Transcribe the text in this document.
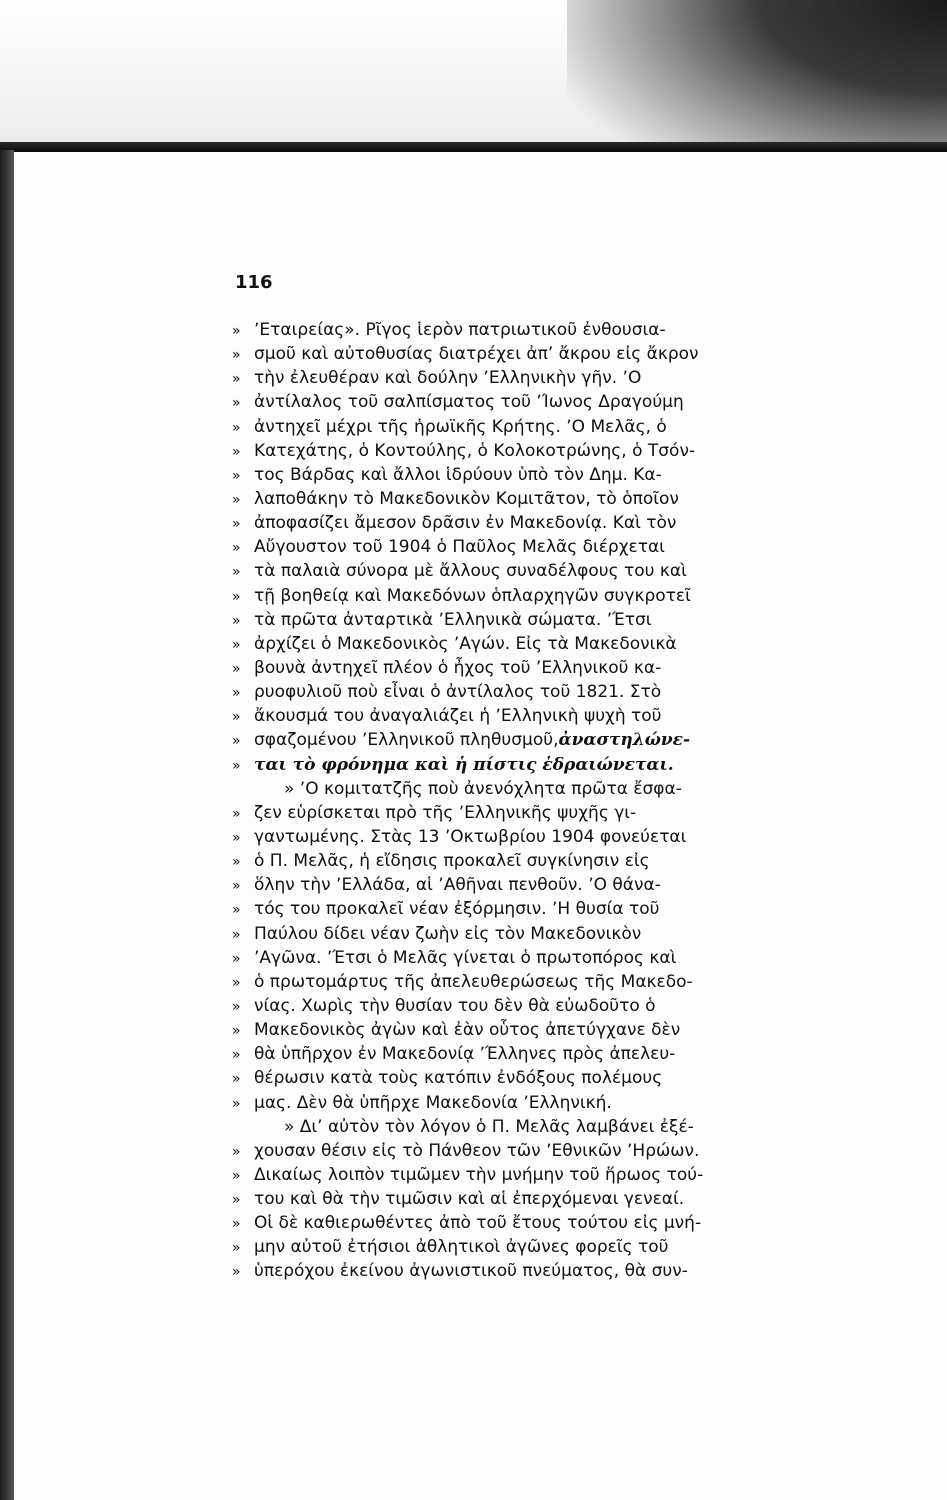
116
» ʼΕταιρείας». Ρῖγος ἱερὸν πατριωτικοῦ ἐνθουσια-
» σμοῦ καὶ αὐτοθυσίας διατρέχει ἀπ’ ἄκρου εἰς ἄκρον
» τὴν ἐλευθέραν καὶ δούλην ʼΕλληνικὴν γῆν. ʼΟ
» ἀντίλαλος τοῦ σαλπίσματος τοῦ ʼΊωνος Δραγούμη
» ἀντηχεῖ μέχρι τῆς ἡρωϊκῆς Κρήτης. ʼΟ Μελᾶς, ὁ
» Κατεχάτης, ὁ Κοντούλης, ὁ Κολοκοτρώνης, ὁ Τσόν-
» τος Βάρδας καὶ ἄλλοι ἱδρύουν ὑπὸ τὸν Δημ. Κα-
» λαποθάκην τὸ Μακεδονικὸν Κομιτᾶτον, τὸ ὁποῖον
» ἀποφασίζει ἄμεσον δρᾶσιν ἐν Μακεδονίᾳ. Καὶ τὸν
» Αὔγουστον τοῦ 1904 ὁ Παῦλος Μελᾶς διέρχεται
» τὰ παλαιὰ σύνορα μὲ ἄλλους συναδέλφους του καὶ
» τῇ βοηθείᾳ καὶ Μακεδόνων ὁπλαρχηγῶν συγκροτεῖ
» τὰ πρῶτα ἀνταρτικὰ ʼΕλληνικὰ σώματα. ʼΈτσι
» ἀρχίζει ὁ Μακεδονικὸς ʼΑγών. Εἰς τὰ Μακεδονικὰ
» βουνὰ ἀντηχεῖ πλέον ὁ ἦχος τοῦ ʼΕλληνικοῦ κα-
» ρυοφυλιοῦ ποὺ εἶναι ὁ ἀντίλαλος τοῦ 1821. Στὸ
» ἄκουσμά του ἀναγαλιάζει ἡ ʼΕλληνικὴ ψυχὴ τοῦ
» σφαζομένου ʼΕλληνικοῦ πληθυσμοῦ, ἀναστηλώνε-
» ται τὸ φρόνημα καὶ ἡ πίστις ἑδραιώνεται.
» ʼΟ κομιτατζῆς ποὺ ἀνενόχλητα πρῶτα ἔσφα-
» ζεν εὑρίσκεται πρὸ τῆς ʼΕλληνικῆς ψυχῆς γι-
» γαντωμένης. Στὰς 13 ʼΟκτωβρίου 1904 φονεύεται
» ὁ Π. Μελᾶς, ἡ εἴδησις προκαλεῖ συγκίνησιν εἰς
» ὅλην τὴν ʼΕλλάδα, αἱ ʼΑθῆναι πενθοῦν. ʼΟ θάνα-
» τός του προκαλεῖ νέαν ἐξόρμησιν. ʼΗ θυσία τοῦ
» Παύλου δίδει νέαν ζωὴν εἰς τὸν Μακεδονικὸν
» ʼΑγῶνα. ʼΈτσι ὁ Μελᾶς γίνεται ὁ πρωτοπόρος καὶ
» ὁ πρωτομάρτυς τῆς ἀπελευθερώσεως τῆς Μακεδο-
» νίας. Χωρὶς τὴν θυσίαν του δὲν θὰ εὐωδοῦτο ὁ
» Μακεδονικὸς ἀγὼν καὶ ἐὰν οὗτος ἀπετύγχανε δὲν
» θὰ ὑπῆρχον ἐν Μακεδονίᾳ ʼΈλληνες πρὸς ἀπελευ-
» θέρωσιν κατὰ τοὺς κατόπιν ἐνδόξους πολέμους
» μας. Δὲν θὰ ὑπῆρχε Μακεδονία ʼΕλληνική.
» Δι’ αὐτὸν τὸν λόγον ὁ Π. Μελᾶς λαμβάνει ἐξέ-
» χουσαν θέσιν εἰς τὸ Πάνθεον τῶν ʼΕθνικῶν ʼΗρώων.
» Δικαίως λοιπὸν τιμῶμεν τὴν μνήμην τοῦ ἥρωος τού-
» του καὶ θὰ τὴν τιμῶσιν καὶ αἱ ἐπερχόμεναι γενεαί.
» Οἱ δὲ καθιερωθέντες ἀπὸ τοῦ ἔτους τούτου εἰς μνή-
» μην αὐτοῦ ἐτήσιοι ἀθλητικοὶ ἀγῶνες φορεῖς τοῦ
» ὑπερόχου ἐκείνου ἀγωνιστικοῦ πνεύματος, θὰ συν-
